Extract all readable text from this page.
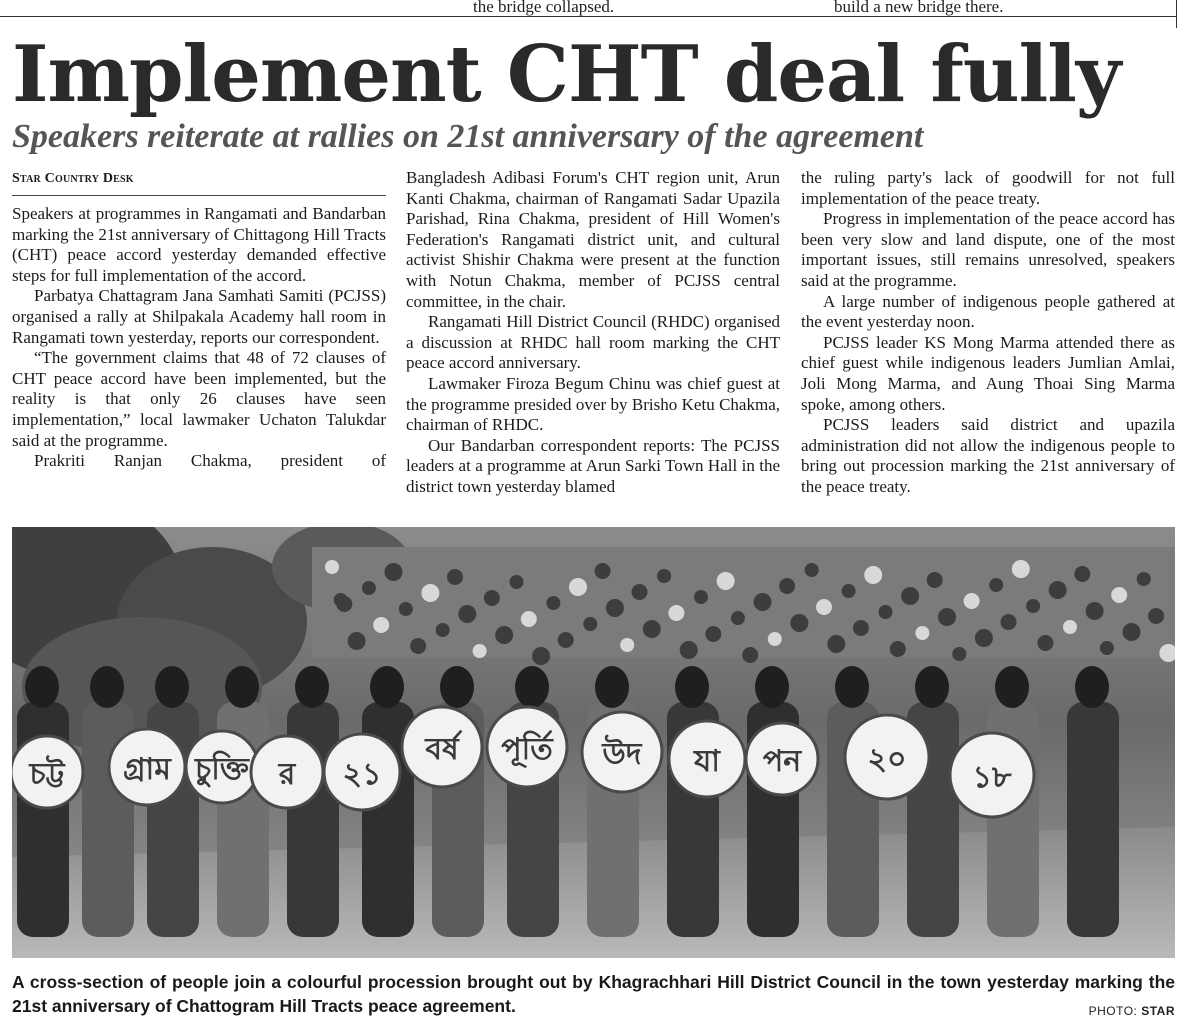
the bridge collapsed.	build a new bridge there.
Implement CHT deal fully
Speakers reiterate at rallies on 21st anniversary of the agreement
Star Country Desk

Speakers at programmes in Rangamati and Bandarban marking the 21st anniversary of Chittagong Hill Tracts (CHT) peace accord yesterday demanded effective steps for full implementation of the accord.

Parbatya Chattagram Jana Samhati Samiti (PCJSS) organised a rally at Shilpakala Academy hall room in Rangamati town yesterday, reports our correspondent.

“The government claims that 48 of 72 clauses of CHT peace accord have been implemented, but the reality is that only 26 clauses have seen implementation,” local lawmaker Uchaton Talukdar said at the programme.

Prakriti Ranjan Chakma, president of

Bangladesh Adibasi Forum's CHT region unit, Arun Kanti Chakma, chairman of Rangamati Sadar Upazila Parishad, Rina Chakma, president of Hill Women's Federation's Rangamati district unit, and cultural activist Shishir Chakma were present at the function with Notun Chakma, member of PCJSS central committee, in the chair.

Rangamati Hill District Council (RHDC) organised a discussion at RHDC hall room marking the CHT peace accord anniversary.

Lawmaker Firoza Begum Chinu was chief guest at the programme presided over by Brisho Ketu Chakma, chairman of RHDC.

Our Bandarban correspondent reports: The PCJSS leaders at a programme at Arun Sarki Town Hall in the district town yesterday blamed

the ruling party's lack of goodwill for not full implementation of the peace treaty.

Progress in implementation of the peace accord has been very slow and land dispute, one of the most important issues, still remains unresolved, speakers said at the programme.

A large number of indigenous people gathered at the event yesterday noon.

PCJSS leader KS Mong Marma attended there as chief guest while indigenous leaders Jumlian Amlai, Joli Mong Marma, and Aung Thoai Sing Marma spoke, among others.

PCJSS leaders said district and upazila administration did not allow the indigenous people to bring out procession marking the 21st anniversary of the peace treaty.

চট্ট গ্রাম চুক্তি র ২১
বর্ষ পূর্তি উদ যা পন ২০
১৮
A cross-section of people join a colourful procession brought out by Khagrachhari Hill District Council in the town yesterday marking the 21st anniversary of Chattogram Hill Tracts peace agreement.	PHOTO: STAR
